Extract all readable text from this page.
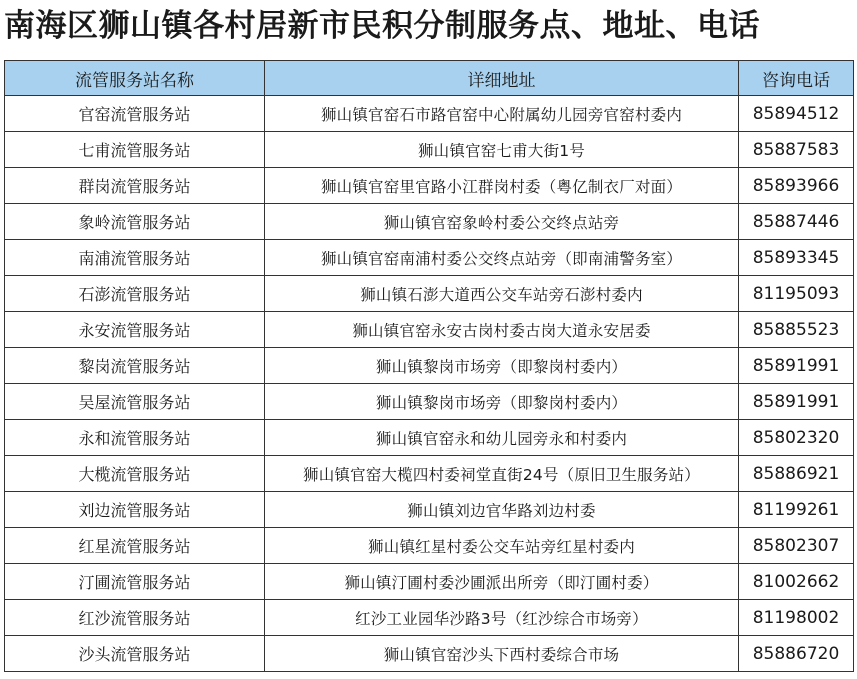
南海区狮山镇各村居新市民积分制服务点、地址、电话
流管服务站名称	详细地址	咨询电话
官窑流管服务站	狮山镇官窑石市路官窑中心附属幼儿园旁官窑村委内	85894512
七甫流管服务站	狮山镇官窑七甫大街1号	85887583
群岗流管服务站	狮山镇官窑里官路小江群岗村委（粤亿制衣厂对面）	85893966
象岭流管服务站	狮山镇官窑象岭村委公交终点站旁	85887446
南浦流管服务站	狮山镇官窑南浦村委公交终点站旁（即南浦警务室）	85893345
石澎流管服务站	狮山镇石澎大道西公交车站旁石澎村委内	81195093
永安流管服务站	狮山镇官窑永安古岗村委古岗大道永安居委	85885523
黎岗流管服务站	狮山镇黎岗市场旁（即黎岗村委内）	85891991
吴屋流管服务站	狮山镇黎岗市场旁（即黎岗村委内）	85891991
永和流管服务站	狮山镇官窑永和幼儿园旁永和村委内	85802320
大榄流管服务站	狮山镇官窑大榄四村委祠堂直街24号（原旧卫生服务站）	85886921
刘边流管服务站	狮山镇刘边官华路刘边村委	81199261
红星流管服务站	狮山镇红星村委公交车站旁红星村委内	85802307
汀圃流管服务站	狮山镇汀圃村委沙圃派出所旁（即汀圃村委）	81002662
红沙流管服务站	红沙工业园华沙路3号（红沙综合市场旁）	81198002
沙头流管服务站	狮山镇官窑沙头下西村委综合市场	85886720
